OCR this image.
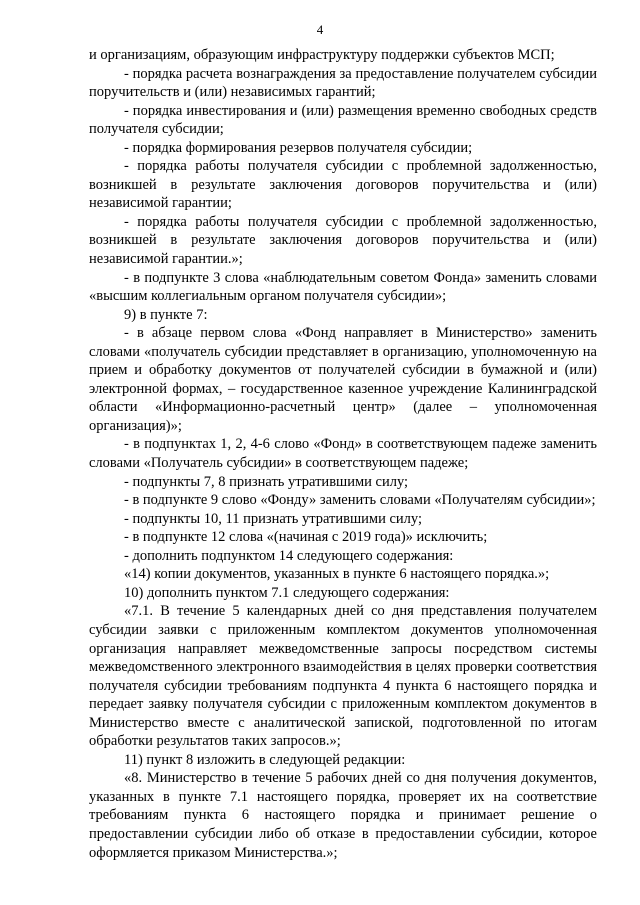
4

и организациям, образующим инфраструктуру поддержки субъектов МСП;

- порядка расчета вознаграждения за предоставление получателем субсидии поручительств и (или) независимых гарантий;

- порядка инвестирования и (или) размещения временно свободных средств получателя субсидии;

- порядка формирования резервов получателя субсидии;

- порядка работы получателя субсидии с проблемной задолженностью, возникшей в результате заключения договоров поручительства и (или) независимой гарантии;

- порядка работы получателя субсидии с проблемной задолженностью, возникшей в результате заключения договоров поручительства и (или) независимой гарантии.»;

- в подпункте 3 слова «наблюдательным советом Фонда» заменить словами «высшим коллегиальным органом получателя субсидии»;

9) в пункте 7:

- в абзаце первом слова «Фонд направляет в Министерство» заменить словами «получатель субсидии представляет в организацию, уполномоченную на прием и обработку документов от получателей субсидии в бумажной и (или) электронной формах, – государственное казенное учреждение Калининградской области «Информационно-расчетный центр» (далее – уполномоченная организация)»;

- в подпунктах 1, 2, 4-6 слово «Фонд» в соответствующем падеже заменить словами «Получатель субсидии» в соответствующем падеже;

- подпункты 7, 8 признать утратившими силу;

- в подпункте 9 слово «Фонду» заменить словами «Получателям субсидии»;

- подпункты 10, 11 признать утратившими силу;

- в подпункте 12 слова «(начиная с 2019 года)» исключить;

- дополнить подпунктом 14 следующего содержания:

«14) копии документов, указанных в пункте 6 настоящего порядка.»;

10) дополнить пунктом 7.1 следующего содержания:

«7.1. В течение 5 календарных дней со дня представления получателем субсидии заявки с приложенным комплектом документов уполномоченная организация направляет межведомственные запросы посредством системы межведомственного электронного взаимодействия в целях проверки соответствия получателя субсидии требованиям подпункта 4 пункта 6 настоящего порядка и передает заявку получателя субсидии с приложенным комплектом документов в Министерство вместе с аналитической запиской, подготовленной по итогам обработки результатов таких запросов.»;

11) пункт 8 изложить в следующей редакции:

«8. Министерство в течение 5 рабочих дней со дня получения документов, указанных в пункте 7.1 настоящего порядка, проверяет их на соответствие требованиям пункта 6 настоящего порядка и принимает решение о предоставлении субсидии либо об отказе в предоставлении субсидии, которое оформляется приказом Министерства.»;
